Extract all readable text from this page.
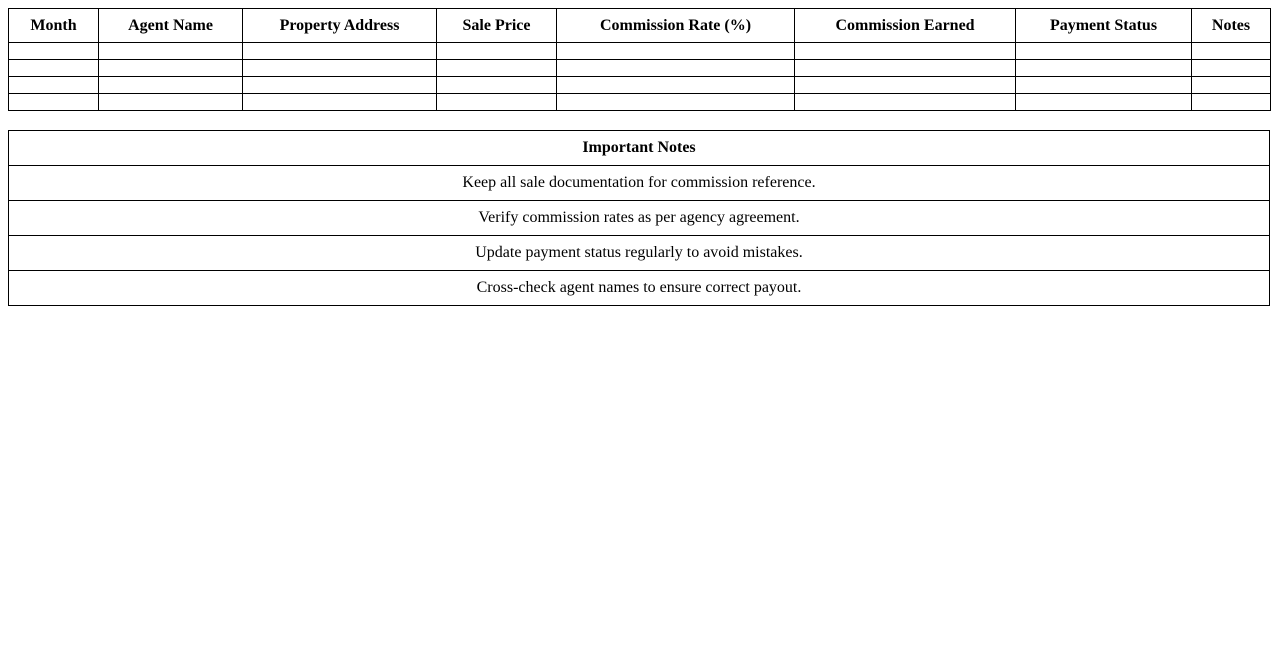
Month	Agent Name	Property Address	Sale Price	Commission Rate (%)	Commission Earned	Payment Status	Notes

Important Notes
Keep all sale documentation for commission reference.
Verify commission rates as per agency agreement.
Update payment status regularly to avoid mistakes.
Cross-check agent names to ensure correct payout.
